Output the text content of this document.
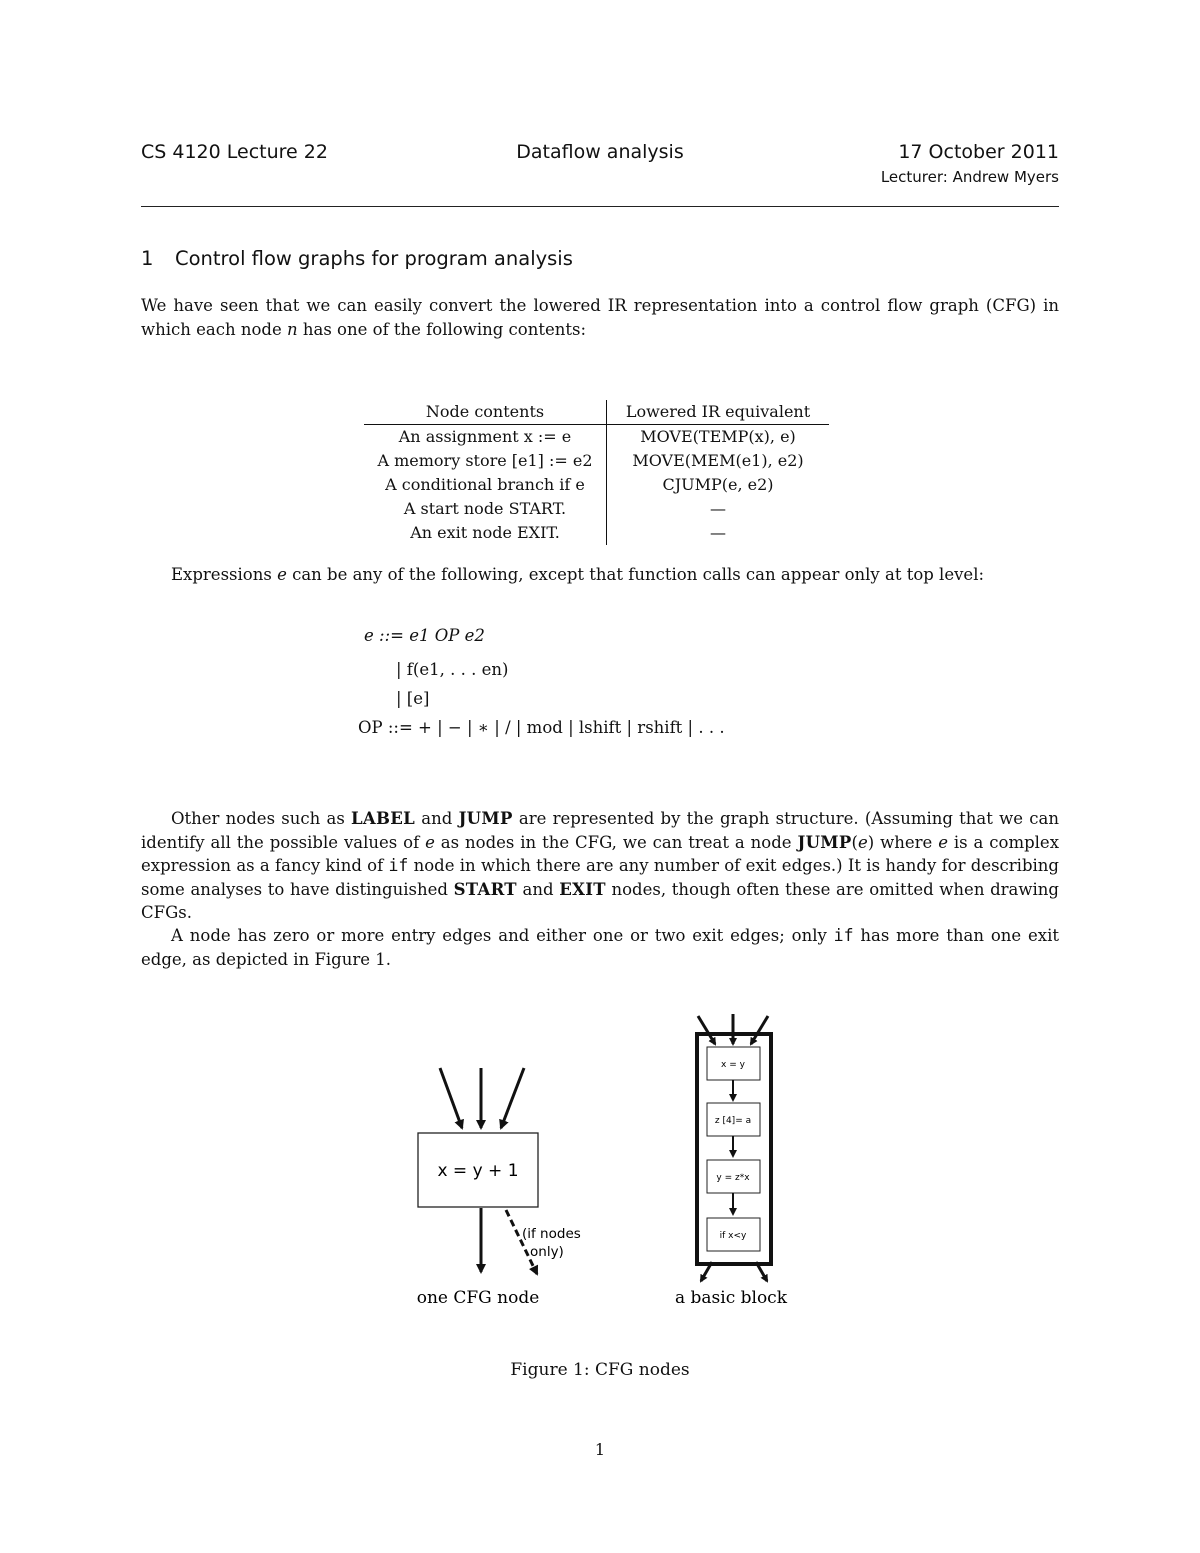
CS 4120 Lecture 22	Dataflow analysis	17 October 2011
Lecturer: Andrew Myers
1 Control flow graphs for program analysis
We have seen that we can easily convert the lowered IR representation into a control flow graph (CFG) in which each node n has one of the following contents:
Node contents	Lowered IR equivalent
An assignment x := e	MOVE(TEMP(x), e)
A memory store [e1] := e2	MOVE(MEM(e1), e2)
A conditional branch if e	CJUMP(e, e2)
A start node START.	—
An exit node EXIT.	—
Expressions e can be any of the following, except that function calls can appear only at top level:
e ::= e1 OP e2
| f(e1, . . . en)
| [e]
OP ::= + | − | ∗ | / | mod | lshift | rshift | . . .
Other nodes such as LABEL and JUMP are represented by the graph structure. (Assuming that we can identify all the possible values of e as nodes in the CFG, we can treat a node JUMP(e) where e is a complex expression as a fancy kind of if node in which there are any number of exit edges.) It is handy for describing some analyses to have distinguished START and EXIT nodes, though often these are omitted when drawing CFGs.
A node has zero or more entry edges and either one or two exit edges; only if has more than one exit edge, as depicted in Figure 1.
x = y + 1
(if nodes
only)
one CFG node
x = y
z [4]= a
y = z*x
if x<y
a basic block
Figure 1: CFG nodes
1
